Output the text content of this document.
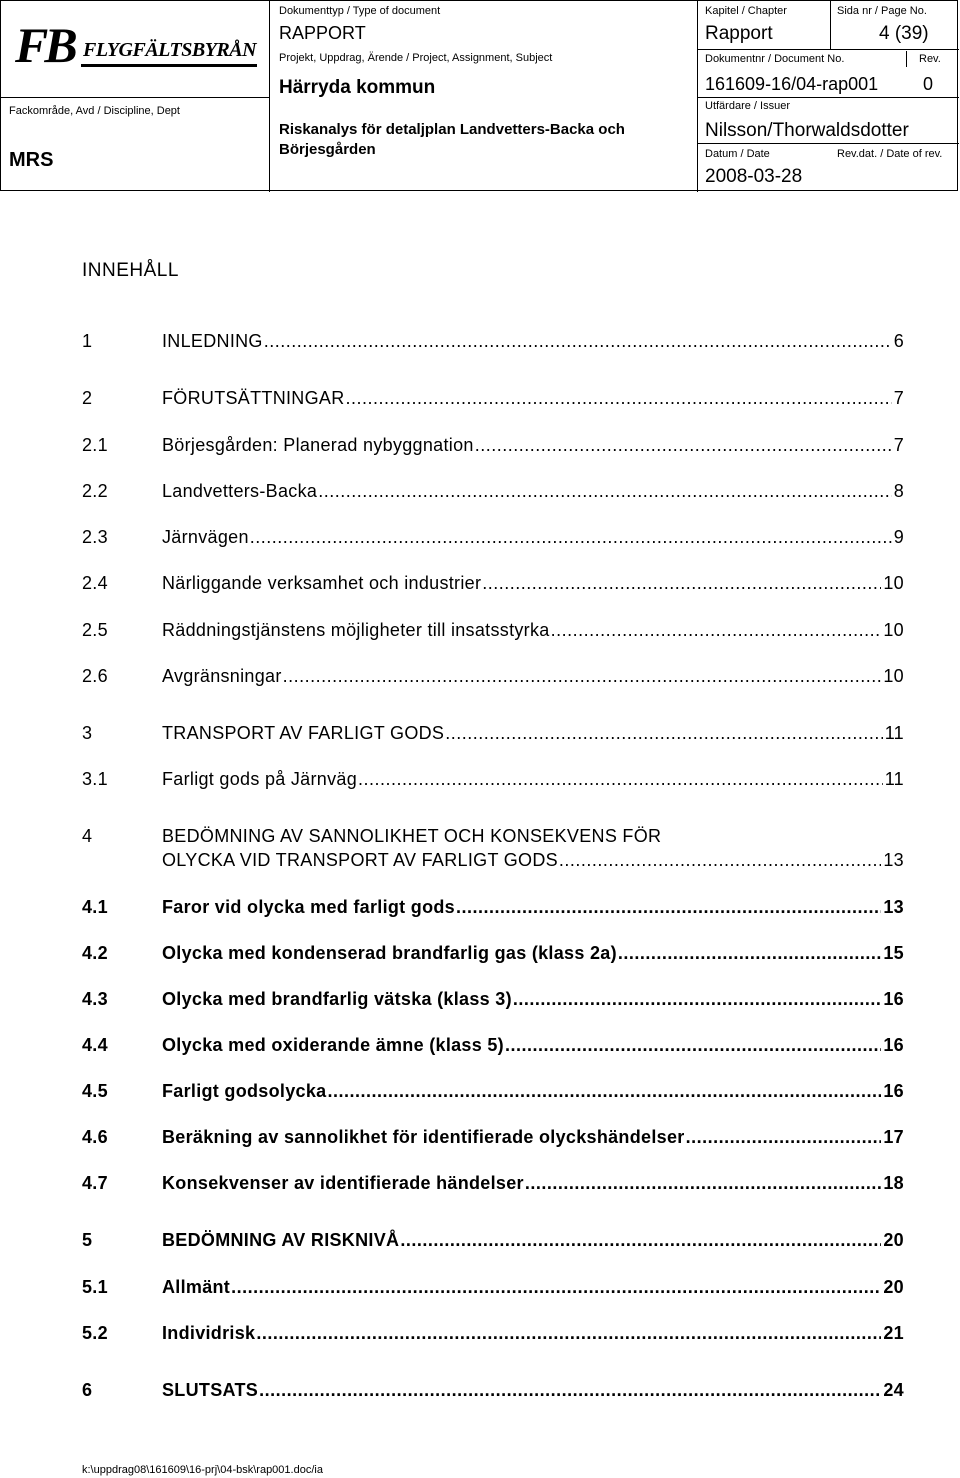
FB FLYGFÄLTSBYRÅN
Fackområde, Avd / Discipline, Dept
MRS
Dokumenttyp / Type of document
RAPPORT
Projekt, Uppdrag, Ärende / Project, Assignment, Subject
Härryda kommun
Riskanalys för detaljplan Landvetters-Backa och Börjesgården
Kapitel / Chapter
Rapport
Sida nr / Page No.
4 (39)
Dokumentnr / Document No.	Rev.
161609-16/04-rap001 0
Utfärdare / Issuer
Nilsson/Thorwaldsdotter
Datum / Date	Rev.dat. / Date of rev.
2008-03-28
INNEHÅLL
1	INLEDNING .....	6
2	FÖRUTSÄTTNINGAR .....	7
2.1	Börjesgården: Planerad nybyggnation .....	7
2.2	Landvetters-Backa .....	8
2.3	Järnvägen .....	9
2.4	Närliggande verksamhet och industrier .....	10
2.5	Räddningstjänstens möjligheter till insatsstyrka .....	10
2.6	Avgränsningar .....	10
3	TRANSPORT AV FARLIGT GODS .....	11
3.1	Farligt gods på Järnväg .....	11
4	BEDÖMNING AV SANNOLIKHET OCH KONSEKVENS FÖR
OLYCKA VID TRANSPORT AV FARLIGT GODS .....	13
4.1	Faror vid olycka med farligt gods .....	13
4.2	Olycka med kondenserad brandfarlig gas (klass 2a) .....	15
4.3	Olycka med brandfarlig vätska (klass 3) .....	16
4.4	Olycka med oxiderande ämne (klass 5) .....	16
4.5	Farligt godsolycka .....	16
4.6	Beräkning av sannolikhet för identifierade olyckshändelser .....	17
4.7	Konsekvenser av identifierade händelser .....	18
5	BEDÖMNING AV RISKNIVÅ .....	20
5.1	Allmänt .....	20
5.2	Individrisk .....	21
6	SLUTSATS .....	24
k:\uppdrag08\161609\16-prj\04-bsk\rap001.doc/ia
